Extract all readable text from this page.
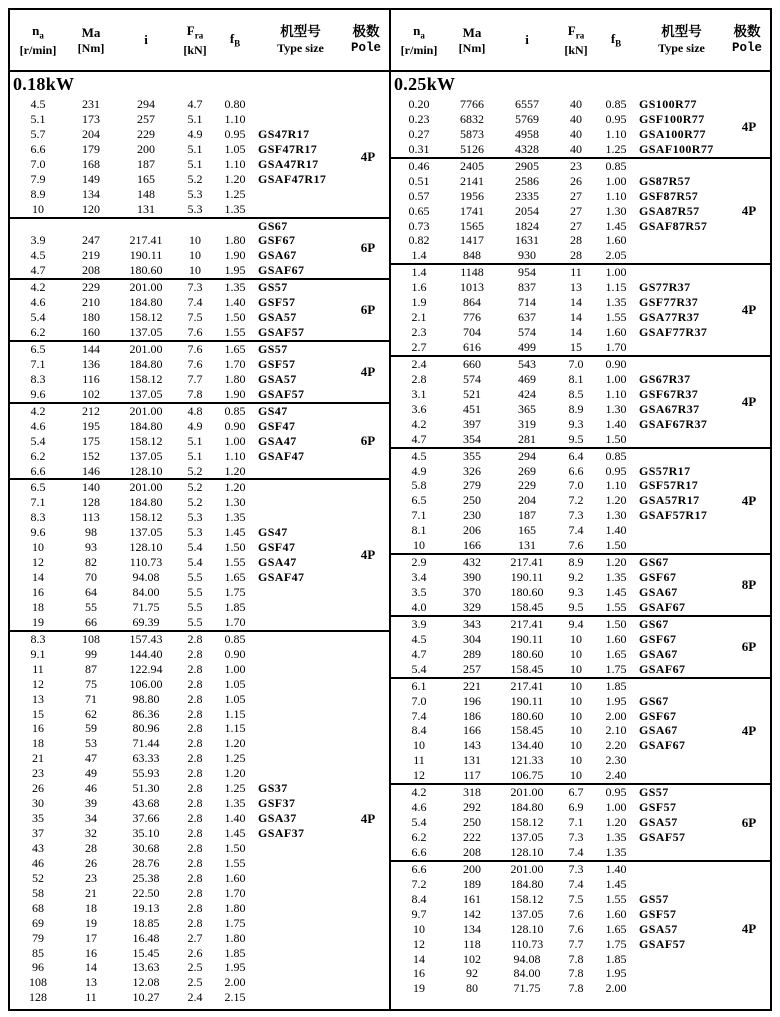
$n_a$
[r/min]
Ma
[Nm]
i
$F_{ra}$
[kN]
$f_B$
机型号
Type size
极数
Pole
0.18kW
4.5	231	294	4.7	0.80
5.1	173	257	5.1	1.10
5.7	204	229	4.9	0.95	GS47R17
6.6	179	200	5.1	1.05	GSF47R17
7.0	168	187	5.1	1.10	GSA47R17
7.9	149	165	5.2	1.20	GSAF47R17
8.9	134	148	5.3	1.25
10	120	131	5.3	1.35
4P
GS67
3.9	247	217.41	10	1.80	GSF67
4.5	219	190.11	10	1.90	GSA67
4.7	208	180.60	10	1.95	GSAF67
6P
4.2	229	201.00	7.3	1.35	GS57
4.6	210	184.80	7.4	1.40	GSF57
5.4	180	158.12	7.5	1.50	GSA57
6.2	160	137.05	7.6	1.55	GSAF57
6P
6.5	144	201.00	7.6	1.65	GS57
7.1	136	184.80	7.6	1.70	GSF57
8.3	116	158.12	7.7	1.80	GSA57
9.6	102	137.05	7.8	1.90	GSAF57
4P
4.2	212	201.00	4.8	0.85	GS47
4.6	195	184.80	4.9	0.90	GSF47
5.4	175	158.12	5.1	1.00	GSA47
6.2	152	137.05	5.1	1.10	GSAF47
6.6	146	128.10	5.2	1.20
6P
6.5	140	201.00	5.2	1.20
7.1	128	184.80	5.2	1.30
8.3	113	158.12	5.3	1.35
9.6	98	137.05	5.3	1.45	GS47
10	93	128.10	5.4	1.50	GSF47
12	82	110.73	5.4	1.55	GSA47
14	70	94.08	5.5	1.65	GSAF47
16	64	84.00	5.5	1.75
18	55	71.75	5.5	1.85
19	66	69.39	5.5	1.70
4P
8.3	108	157.43	2.8	0.85
9.1	99	144.40	2.8	0.90
11	87	122.94	2.8	1.00
12	75	106.00	2.8	1.05
13	71	98.80	2.8	1.05
15	62	86.36	2.8	1.15
16	59	80.96	2.8	1.15
18	53	71.44	2.8	1.20
21	47	63.33	2.8	1.25
23	49	55.93	2.8	1.20
26	46	51.30	2.8	1.25	GS37
30	39	43.68	2.8	1.35	GSF37
35	34	37.66	2.8	1.40	GSA37
37	32	35.10	2.8	1.45	GSAF37
43	28	30.68	2.8	1.50
46	26	28.76	2.8	1.55
52	23	25.38	2.8	1.60
58	21	22.50	2.8	1.70
68	18	19.13	2.8	1.80
69	19	18.85	2.8	1.75
79	17	16.48	2.7	1.80
85	16	15.45	2.6	1.85
96	14	13.63	2.5	1.95
108	13	12.08	2.5	2.00
128	11	10.27	2.4	2.15
4P
$n_a$
[r/min]
Ma
[Nm]
i
$F_{ra}$
[kN]
$f_B$
机型号
Type size
极数
Pole
0.25kW
0.20	7766	6557	40	0.85	GS100R77
0.23	6832	5769	40	0.95	GSF100R77
0.27	5873	4958	40	1.10	GSA100R77
0.31	5126	4328	40	1.25	GSAF100R77
4P
0.46	2405	2905	23	0.85
0.51	2141	2586	26	1.00	GS87R57
0.57	1956	2335	27	1.10	GSF87R57
0.65	1741	2054	27	1.30	GSA87R57
0.73	1565	1824	27	1.45	GSAF87R57
0.82	1417	1631	28	1.60
1.4	848	930	28	2.05
4P
1.4	1148	954	11	1.00
1.6	1013	837	13	1.15	GS77R37
1.9	864	714	14	1.35	GSF77R37
2.1	776	637	14	1.55	GSA77R37
2.3	704	574	14	1.60	GSAF77R37
2.7	616	499	15	1.70
4P
2.4	660	543	7.0	0.90
2.8	574	469	8.1	1.00	GS67R37
3.1	521	424	8.5	1.10	GSF67R37
3.6	451	365	8.9	1.30	GSA67R37
4.2	397	319	9.3	1.40	GSAF67R37
4.7	354	281	9.5	1.50
4P
4.5	355	294	6.4	0.85
4.9	326	269	6.6	0.95	GS57R17
5.8	279	229	7.0	1.10	GSF57R17
6.5	250	204	7.2	1.20	GSA57R17
7.1	230	187	7.3	1.30	GSAF57R17
8.1	206	165	7.4	1.40
10	166	131	7.6	1.50
4P
2.9	432	217.41	8.9	1.20	GS67
3.4	390	190.11	9.2	1.35	GSF67
3.5	370	180.60	9.3	1.45	GSA67
4.0	329	158.45	9.5	1.55	GSAF67
8P
3.9	343	217.41	9.4	1.50	GS67
4.5	304	190.11	10	1.60	GSF67
4.7	289	180.60	10	1.65	GSA67
5.4	257	158.45	10	1.75	GSAF67
6P
6.1	221	217.41	10	1.85
7.0	196	190.11	10	1.95	GS67
7.4	186	180.60	10	2.00	GSF67
8.4	166	158.45	10	2.10	GSA67
10	143	134.40	10	2.20	GSAF67
11	131	121.33	10	2.30
12	117	106.75	10	2.40
4P
4.2	318	201.00	6.7	0.95	GS57
4.6	292	184.80	6.9	1.00	GSF57
5.4	250	158.12	7.1	1.20	GSA57
6.2	222	137.05	7.3	1.35	GSAF57
6.6	208	128.10	7.4	1.35
6P
6.6	200	201.00	7.3	1.40
7.2	189	184.80	7.4	1.45
8.4	161	158.12	7.5	1.55	GS57
9.7	142	137.05	7.6	1.60	GSF57
10	134	128.10	7.6	1.65	GSA57
12	118	110.73	7.7	1.75	GSAF57
14	102	94.08	7.8	1.85
16	92	84.00	7.8	1.95
19	80	71.75	7.8	2.00
4P
